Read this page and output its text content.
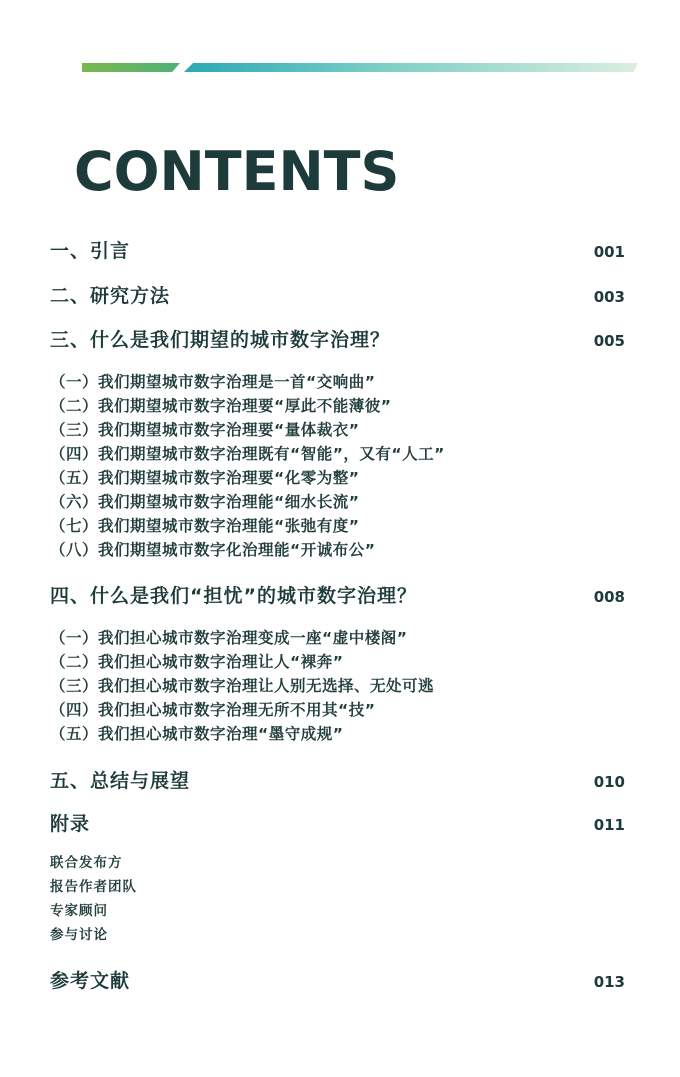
CONTENTS
一、引言	001
二、研究方法	003
三、什么是我们期望的城市数字治理？	005
（一）我们期望城市数字治理是一首“交响曲”
（二）我们期望城市数字治理要“厚此不能薄彼”
（三）我们期望城市数字治理要“量体裁衣”
（四）我们期望城市数字治理既有“智能”，又有“人工”
（五）我们期望城市数字治理要“化零为整”
（六）我们期望城市数字治理能“细水长流”
（七）我们期望城市数字治理能“张弛有度”
（八）我们期望城市数字化治理能“开诚布公”
四、什么是我们“担忧”的城市数字治理？	008
（一）我们担心城市数字治理变成一座“虚中楼阁”
（二）我们担心城市数字治理让人“裸奔”
（三）我们担心城市数字治理让人别无选择、无处可逃
（四）我们担心城市数字治理无所不用其“技”
（五）我们担心城市数字治理“墨守成规”
五、总结与展望	010
附录	011
联合发布方
报告作者团队
专家顾问
参与讨论
参考文献	013
